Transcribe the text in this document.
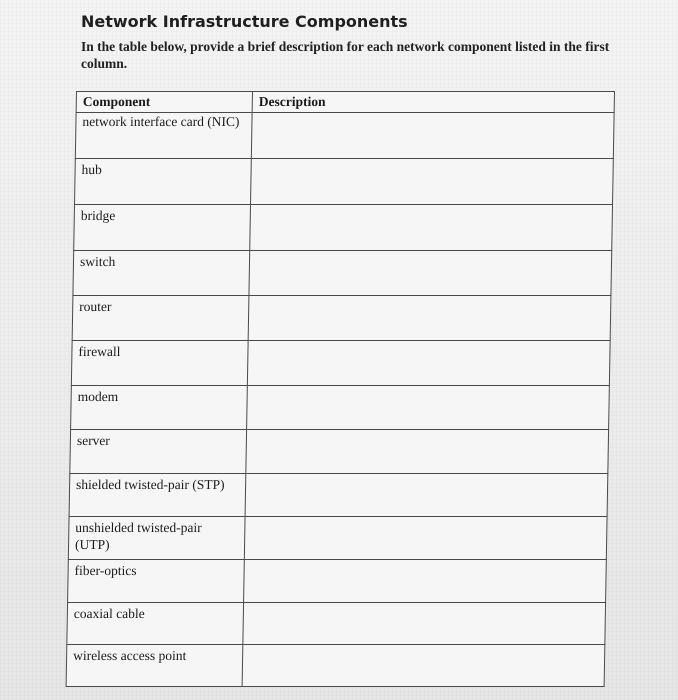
Network Infrastructure Components

In the table below, provide a brief description for each network component listed in the first column.

Component	Description
network interface card (NIC)	
hub	
bridge	
switch	
router	
firewall	
modem	
server	
shielded twisted-pair (STP)	
unshielded twisted-pair (UTP)	
fiber-optics	
coaxial cable	
wireless access point	
